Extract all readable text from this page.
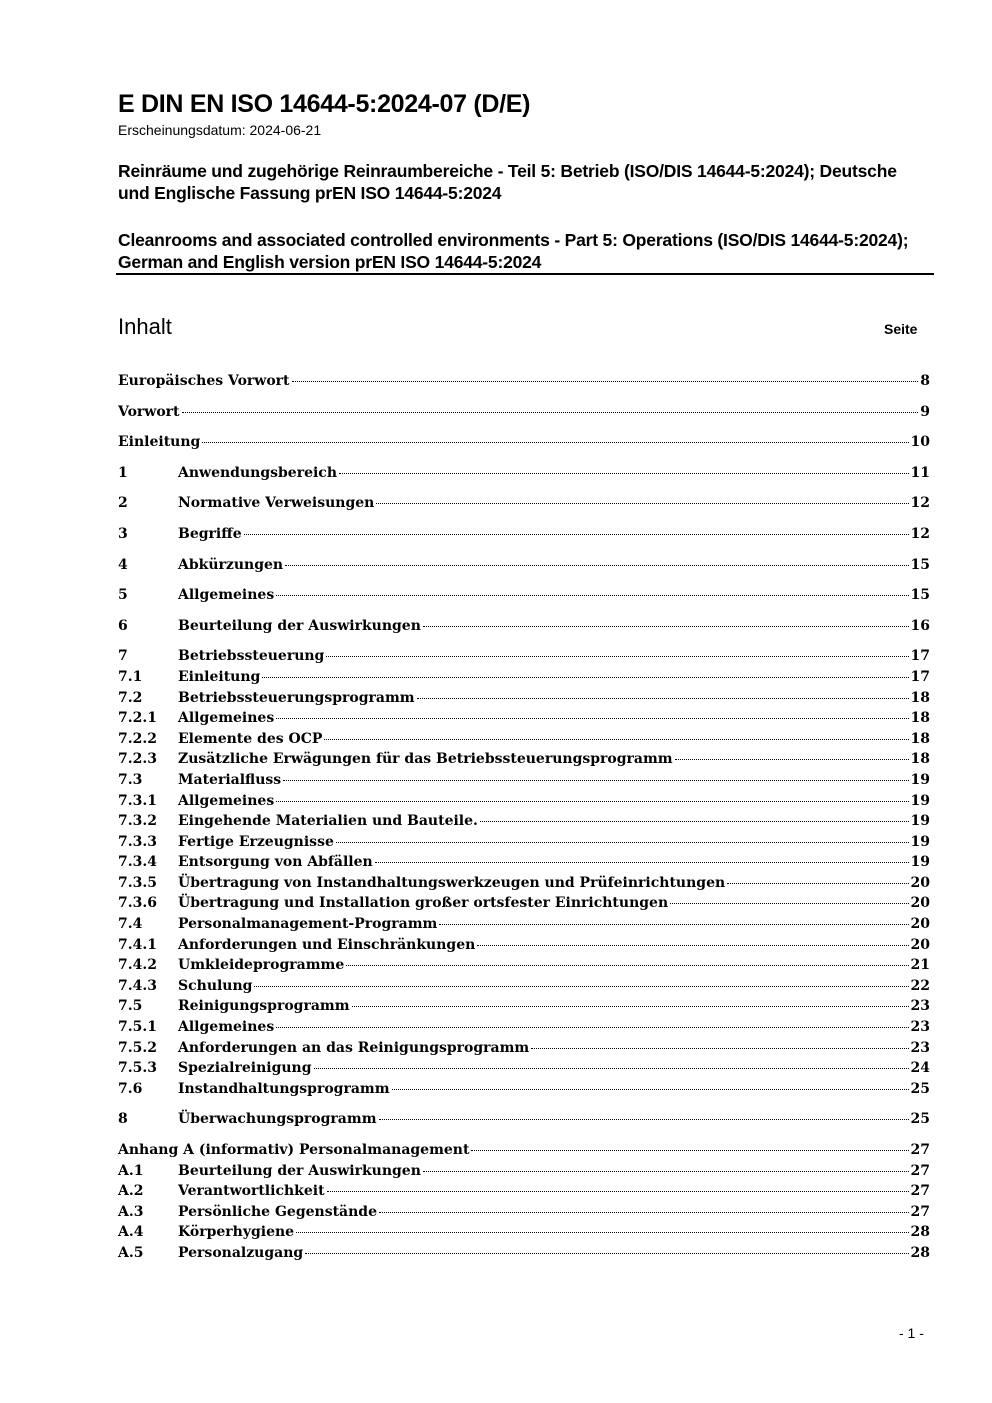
E DIN EN ISO 14644-5:2024-07 (D/E)
Erscheinungsdatum: 2024-06-21
Reinräume und zugehörige Reinraumbereiche - Teil 5: Betrieb (ISO/DIS 14644-5:2024); Deutsche und Englische Fassung prEN ISO 14644-5:2024
Cleanrooms and associated controlled environments - Part 5: Operations (ISO/DIS 14644-5:2024); German and English version prEN ISO 14644-5:2024
Inhalt	Seite
Europäisches Vorwort	8
Vorwort	9
Einleitung	10
1	Anwendungsbereich	11
2	Normative Verweisungen	12
3	Begriffe	12
4	Abkürzungen	15
5	Allgemeines	15
6	Beurteilung der Auswirkungen	16
7	Betriebssteuerung	17
7.1	Einleitung	17
7.2	Betriebssteuerungsprogramm	18
7.2.1	Allgemeines	18
7.2.2	Elemente des OCP	18
7.2.3	Zusätzliche Erwägungen für das Betriebssteuerungsprogramm	18
7.3	Materialfluss	19
7.3.1	Allgemeines	19
7.3.2	Eingehende Materialien und Bauteile.	19
7.3.3	Fertige Erzeugnisse	19
7.3.4	Entsorgung von Abfällen	19
7.3.5	Übertragung von Instandhaltungswerkzeugen und Prüfeinrichtungen	20
7.3.6	Übertragung und Installation großer ortsfester Einrichtungen	20
7.4	Personalmanagement-Programm	20
7.4.1	Anforderungen und Einschränkungen	20
7.4.2	Umkleideprogramme	21
7.4.3	Schulung	22
7.5	Reinigungsprogramm	23
7.5.1	Allgemeines	23
7.5.2	Anforderungen an das Reinigungsprogramm	23
7.5.3	Spezialreinigung	24
7.6	Instandhaltungsprogramm	25
8	Überwachungsprogramm	25
Anhang A (informativ) Personalmanagement	27
A.1	Beurteilung der Auswirkungen	27
A.2	Verantwortlichkeit	27
A.3	Persönliche Gegenstände	27
A.4	Körperhygiene	28
A.5	Personalzugang	28
- 1 -
